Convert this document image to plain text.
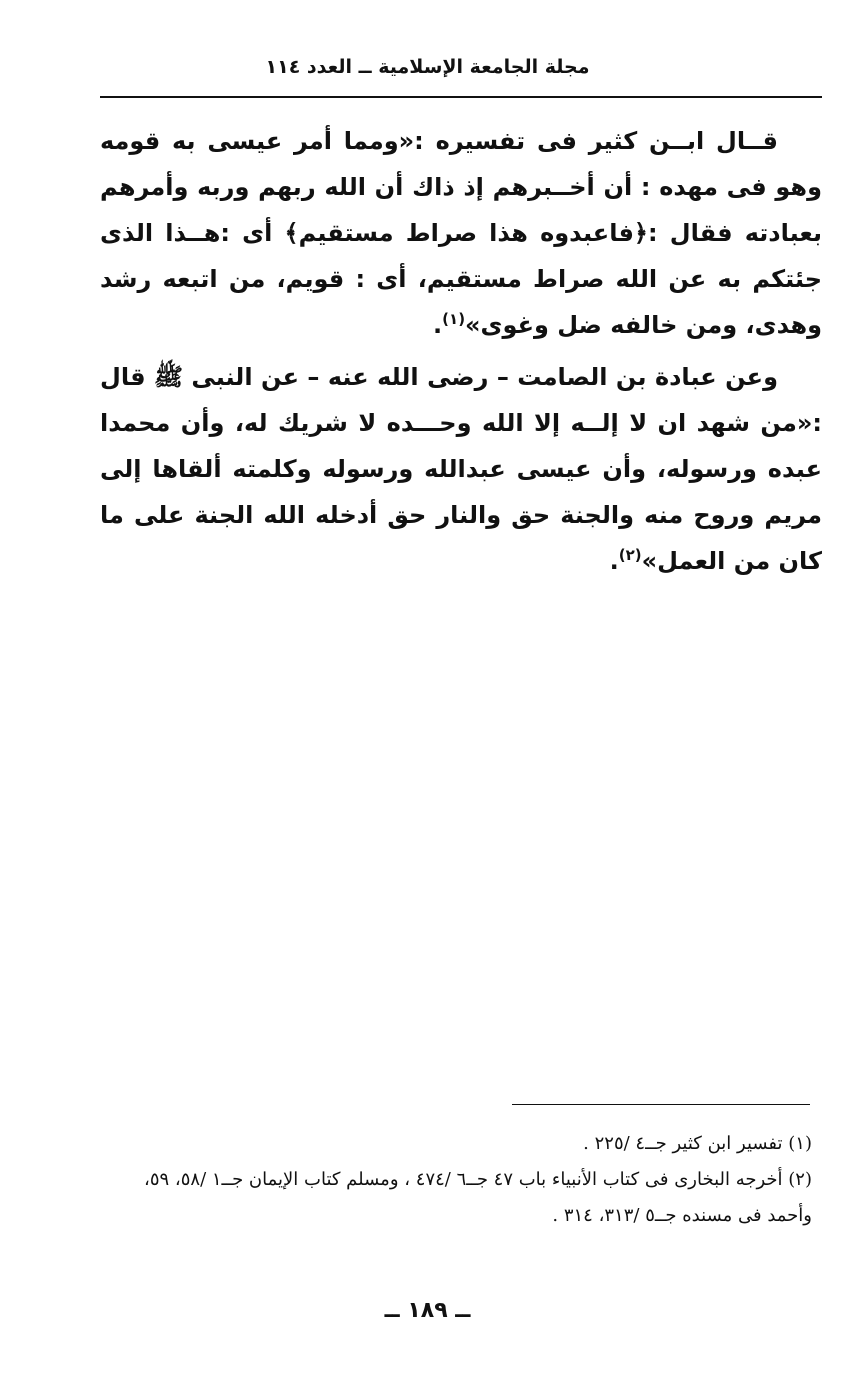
مجلة الجامعة الإسلامية ــ العدد ١١٤

قــال ابــن كثير فى تفسيره :«ومما أمر عيسى به قومه وهو فى مهده : أن أخــبرهم إذ ذاك أن الله ربهم وربه وأمرهم بعبادته فقال :﴿فاعبدوه هذا صراط مستقيم﴾ أى :هــذا الذى جئتكم به عن الله صراط مستقيم، أى : قويم، من اتبعه رشد وهدى، ومن خالفه ضل وغوى»$^{(١)}$.

وعن عبادة بن الصامت – رضى الله عنه – عن النبى ﷺ قال :«من شهد ان لا إلــه إلا الله وحـــده لا شريك له، وأن محمدا عبده ورسوله، وأن عيسى عبدالله ورسوله وكلمته ألقاها إلى مريم وروح منه والجنة حق والنار حق أدخله الله الجنة على ما كان من العمل»$^{(٢)}$.

(١) تفسير ابن كثير جــ٤ /٢٢٥ .

(٢) أخرجه البخارى فى كتاب الأنبياء باب ٤٧ جــ٦ /٤٧٤ ، ومسلم كتاب الإيمان جــ١ /٥٨، ٥٩، وأحمد فى مسنده جــ٥ /٣١٣، ٣١٤ .

ــ ١٨٩ ــ
